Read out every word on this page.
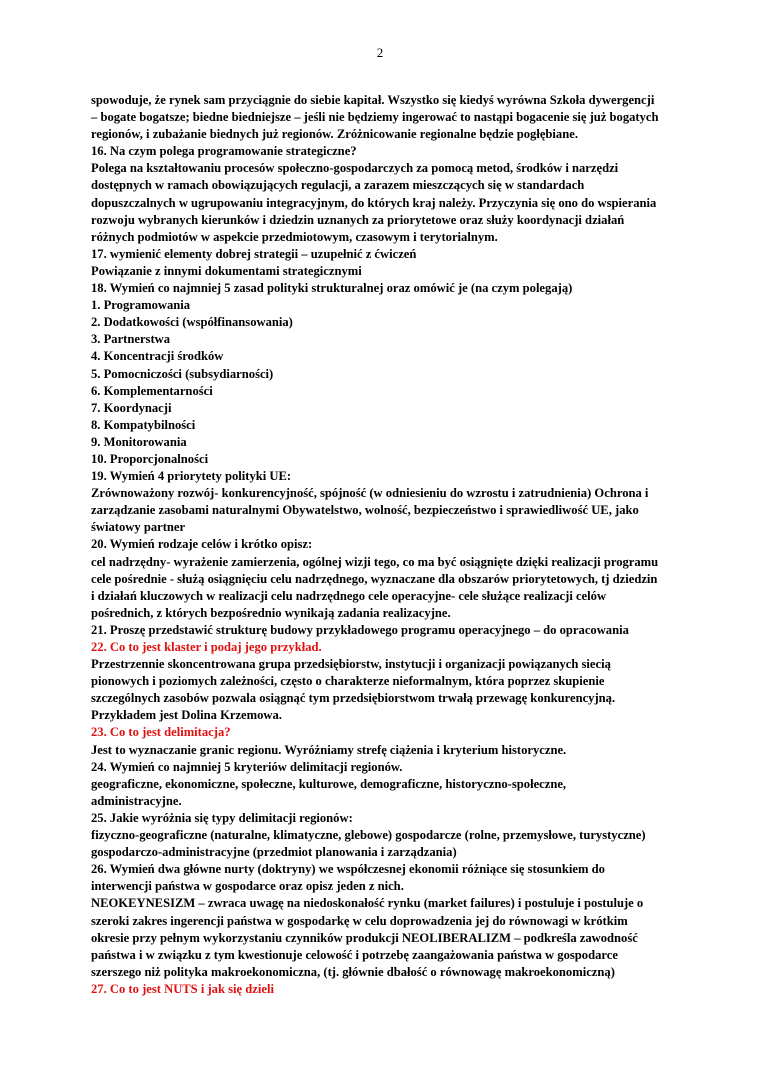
2
spowoduje, że rynek sam przyciągnie do siebie kapitał. Wszystko się kiedyś wyrówna Szkoła dywergencji
– bogate bogatsze; biedne biedniejsze – jeśli nie będziemy ingerować to nastąpi bogacenie się już bogatych
regionów, i zubażanie biednych już regionów. Zróżnicowanie regionalne będzie pogłębiane.
16. Na czym polega programowanie strategiczne?
Polega na kształtowaniu procesów społeczno-gospodarczych za pomocą metod, środków i narzędzi
dostępnych w ramach obowiązujących regulacji, a zarazem mieszczących się w standardach
dopuszczalnych w ugrupowaniu integracyjnym, do których kraj należy. Przyczynia się ono do wspierania
rozwoju wybranych kierunków i dziedzin uznanych za priorytetowe oraz służy koordynacji działań
różnych podmiotów w aspekcie przedmiotowym, czasowym i terytorialnym.
17. wymienić elementy dobrej strategii – uzupełnić z ćwiczeń
Powiązanie z innymi dokumentami strategicznymi
18. Wymień co najmniej 5 zasad polityki strukturalnej oraz omówić je (na czym polegają)
1. Programowania
2. Dodatkowości (współfinansowania)
3. Partnerstwa
4. Koncentracji środków
5. Pomocniczości (subsydiarności)
6. Komplementarności
7. Koordynacji
8. Kompatybilności
9. Monitorowania
10. Proporcjonalności
19. Wymień 4 priorytety polityki UE:
Zrównoważony rozwój- konkurencyjność, spójność (w odniesieniu do wzrostu i zatrudnienia) Ochrona i
zarządzanie zasobami naturalnymi Obywatelstwo, wolność, bezpieczeństwo i sprawiedliwość UE, jako
światowy partner
20. Wymień rodzaje celów i krótko opisz:
cel nadrzędny- wyrażenie zamierzenia, ogólnej wizji tego, co ma być osiągnięte dzięki realizacji programu
cele pośrednie - służą osiągnięciu celu nadrzędnego, wyznaczane dla obszarów priorytetowych, tj dziedzin
i działań kluczowych w realizacji celu nadrzędnego cele operacyjne- cele służące realizacji celów
pośrednich, z których bezpośrednio wynikają zadania realizacyjne.
21. Proszę przedstawić strukturę budowy przykładowego programu operacyjnego – do opracowania
22. Co to jest klaster i podaj jego przykład.
Przestrzennie skoncentrowana grupa przedsiębiorstw, instytucji i organizacji powiązanych siecią
pionowych i poziomych zależności, często o charakterze nieformalnym, która poprzez skupienie
szczególnych zasobów pozwala osiągnąć tym przedsiębiorstwom trwałą przewagę konkurencyjną.
Przykładem jest Dolina Krzemowa.
23. Co to jest delimitacja?
Jest to wyznaczanie granic regionu. Wyróżniamy strefę ciążenia i kryterium historyczne.
24. Wymień co najmniej 5 kryteriów delimitacji regionów.
geograficzne, ekonomiczne, społeczne, kulturowe, demograficzne, historyczno-społeczne,
administracyjne.
25. Jakie wyróżnia się typy delimitacji regionów:
fizyczno-geograficzne (naturalne, klimatyczne, glebowe) gospodarcze (rolne, przemysłowe, turystyczne)
gospodarczo-administracyjne (przedmiot planowania i zarządzania)
26. Wymień dwa główne nurty (doktryny) we współczesnej ekonomii różniące się stosunkiem do
interwencji państwa w gospodarce oraz opisz jeden z nich.
NEOKEYNESIZM – zwraca uwagę na niedoskonałość rynku (market failures) i postuluje i postuluje o
szeroki zakres ingerencji państwa w gospodarkę w celu doprowadzenia jej do równowagi w krótkim
okresie przy pełnym wykorzystaniu czynników produkcji NEOLIBERALIZM – podkreśla zawodność
państwa i w związku z tym kwestionuje celowość i potrzebę zaangażowania państwa w gospodarce
szerszego niż polityka makroekonomiczna, (tj. głównie dbałość o równowagę makroekonomiczną)
27. Co to jest NUTS i jak się dzieli
